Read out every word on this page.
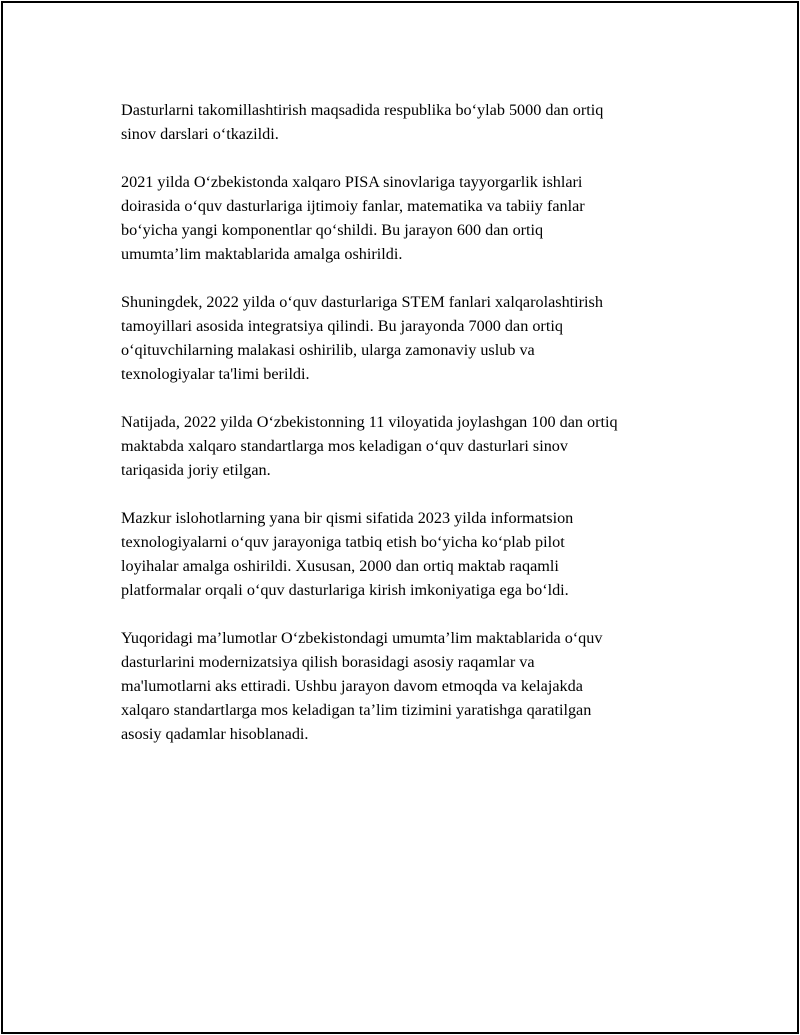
Dasturlarni takomillashtirish maqsadida respublika bo‘ylab 5000 dan ortiq
sinov darslari o‘tkazildi.

2021 yilda O‘zbekistonda xalqaro PISA sinovlariga tayyorgarlik ishlari
doirasida o‘quv dasturlariga ijtimoiy fanlar, matematika va tabiiy fanlar
bo‘yicha yangi komponentlar qo‘shildi. Bu jarayon 600 dan ortiq
umumta’lim maktablarida amalga oshirildi.

Shuningdek, 2022 yilda o‘quv dasturlariga STEM fanlari xalqarolashtirish
tamoyillari asosida integratsiya qilindi. Bu jarayonda 7000 dan ortiq
o‘qituvchilarning malakasi oshirilib, ularga zamonaviy uslub va
texnologiyalar ta'limi berildi.

Natijada, 2022 yilda O‘zbekistonning 11 viloyatida joylashgan 100 dan ortiq
maktabda xalqaro standartlarga mos keladigan o‘quv dasturlari sinov
tariqasida joriy etilgan.

Mazkur islohotlarning yana bir qismi sifatida 2023 yilda informatsion
texnologiyalarni o‘quv jarayoniga tatbiq etish bo‘yicha ko‘plab pilot
loyihalar amalga oshirildi. Xususan, 2000 dan ortiq maktab raqamli
platformalar orqali o‘quv dasturlariga kirish imkoniyatiga ega bo‘ldi.

Yuqoridagi ma’lumotlar O‘zbekistondagi umumta’lim maktablarida o‘quv
dasturlarini modernizatsiya qilish borasidagi asosiy raqamlar va
ma'lumotlarni aks ettiradi. Ushbu jarayon davom etmoqda va kelajakda
xalqaro standartlarga mos keladigan ta’lim tizimini yaratishga qaratilgan
asosiy qadamlar hisoblanadi.
